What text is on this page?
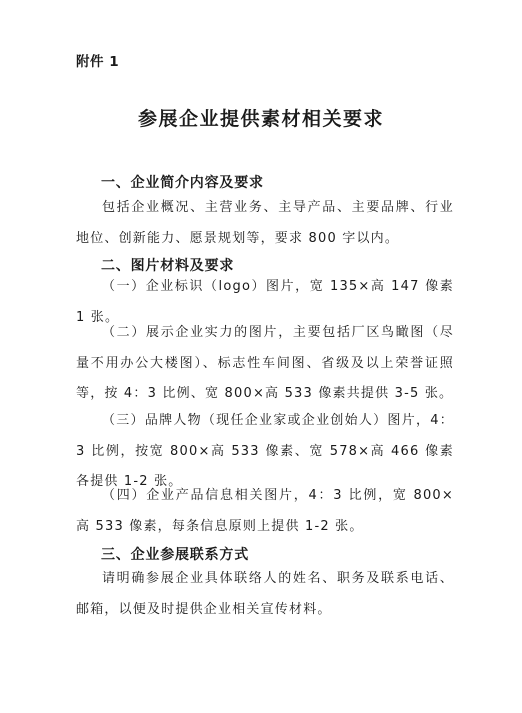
附件 1
参展企业提供素材相关要求
一、企业简介内容及要求
包括企业概况、主营业务、主导产品、主要品牌、行业地位、创新能力、愿景规划等，要求 800 字以内。
二、图片材料及要求
（一）企业标识（logo）图片，宽 135×高 147 像素 1 张。
（二）展示企业实力的图片，主要包括厂区鸟瞰图（尽量不用办公大楼图）、标志性车间图、省级及以上荣誉证照等，按 4：3 比例、宽 800×高 533 像素共提供 3-5 张。
（三）品牌人物（现任企业家或企业创始人）图片，4：3 比例，按宽 800×高 533 像素、宽 578×高 466 像素各提供 1-2 张。
（四）企业产品信息相关图片，4：3 比例，宽 800×高 533 像素，每条信息原则上提供 1-2 张。
三、企业参展联系方式
请明确参展企业具体联络人的姓名、职务及联系电话、邮箱，以便及时提供企业相关宣传材料。
